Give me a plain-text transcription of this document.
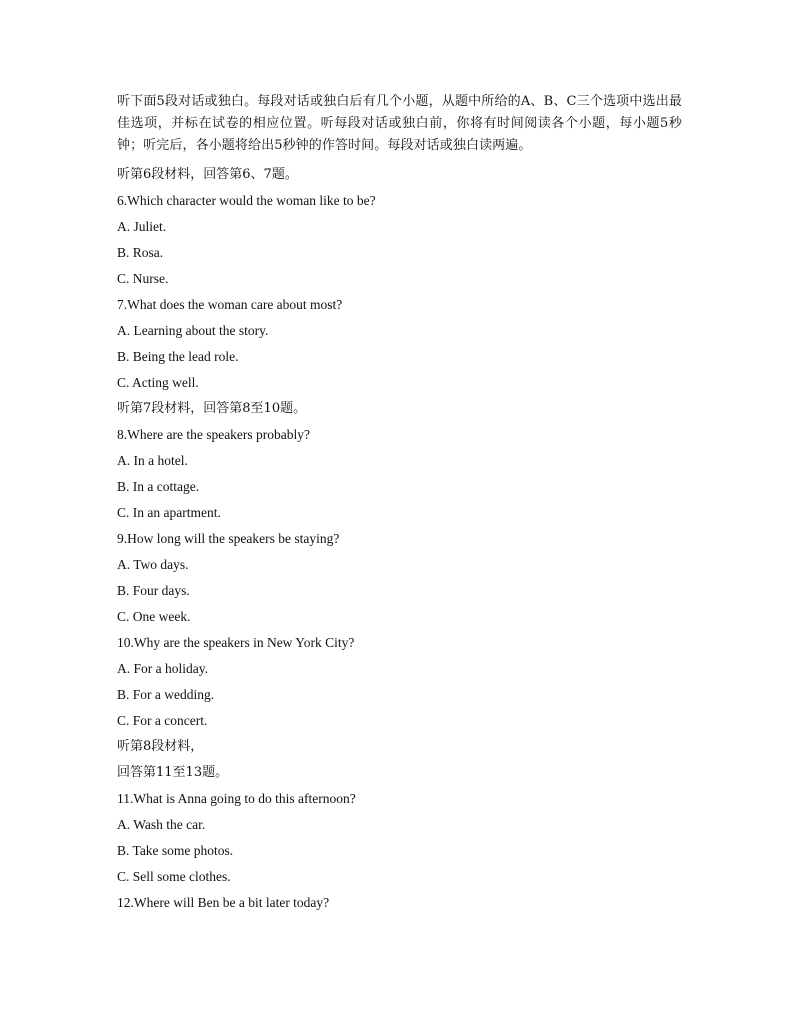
听下面5段对话或独白。每段对话或独白后有几个小题，从题中所给的A、B、C三个选项中选出最佳选项，并标在试卷的相应位置。听每段对话或独白前，你将有时间阅读各个小题，每小题5秒钟；听完后，各小题将给出5秒钟的作答时间。每段对话或独白读两遍。

听第6段材料，回答第6、7题。
6.Which character would the woman like to be?
A. Juliet.
B. Rosa.
C. Nurse.
7.What does the woman care about most?
A. Learning about the story.
B. Being the lead role.
C. Acting well.
听第7段材料，回答第8至10题。
8.Where are the speakers probably?
A. In a hotel.
B. In a cottage.
C. In an apartment.
9.How long will the speakers be staying?
A. Two days.
B. Four days.
C. One week.
10.Why are the speakers in New York City?
A. For a holiday.
B. For a wedding.
C. For a concert.
听第8段材料，
回答第11至13题。
11.What is Anna going to do this afternoon?
A. Wash the car.
B. Take some photos.
C. Sell some clothes.
12.Where will Ben be a bit later today?
